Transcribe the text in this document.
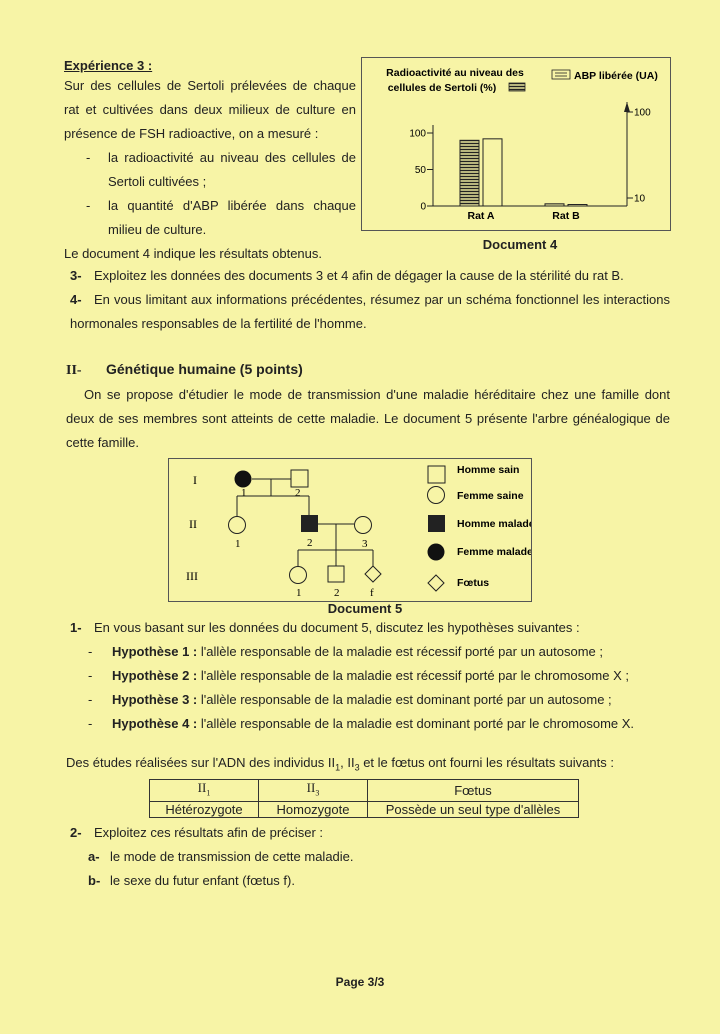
Expérience 3 :

Sur des cellules de Sertoli prélevées de chaque rat et cultivées dans deux milieux de culture en présence de FSH radioactive, on a mesuré :

- la radioactivité au niveau des cellules de Sertoli cultivées ;
- la quantité d'ABP libérée dans chaque milieu de culture.

Le document 4 indique les résultats obtenus.

Radioactivité au niveau des
cellules de Sertoli (%)
ABP libérée (UA)
0
50
100
10
100
Rat A	Rat B
Document 4
3- Exploitez les données des documents 3 et 4 afin de dégager la cause de la stérilité du rat B.
4- En vous limitant aux informations précédentes, résumez par un schéma fonctionnel les interactions hormonales responsables de la fertilité de l'homme.
II- Génétique humaine (5 points)
On se propose d'étudier le mode de transmission d'une maladie héréditaire chez une famille dont deux de ses membres sont atteints de cette maladie. Le document 5 présente l'arbre généalogique de cette famille.
I
II
III
1	2
1	2	3
1	2	f
Homme sain
Femme saine
Homme malade
Femme malade
Fœtus
Document 5
1- En vous basant sur les données du document 5, discutez les hypothèses suivantes :
- Hypothèse 1 : l'allèle responsable de la maladie est récessif porté par un autosome ;
- Hypothèse 2 : l'allèle responsable de la maladie est récessif porté par le chromosome X ;
- Hypothèse 3 : l'allèle responsable de la maladie est dominant porté par un autosome ;
- Hypothèse 4 : l'allèle responsable de la maladie est dominant porté par le chromosome X.
Des études réalisées sur l'ADN des individus $II_1$, $II_3$ et le fœtus ont fourni les résultats suivants :
$II_1$	$II_3$	Fœtus
Hétérozygote	Homozygote	Possède un seul type d'allèles
2- Exploitez ces résultats afin de préciser :
a- le mode de transmission de cette maladie.
b- le sexe du futur enfant (fœtus f).
Page 3/3
